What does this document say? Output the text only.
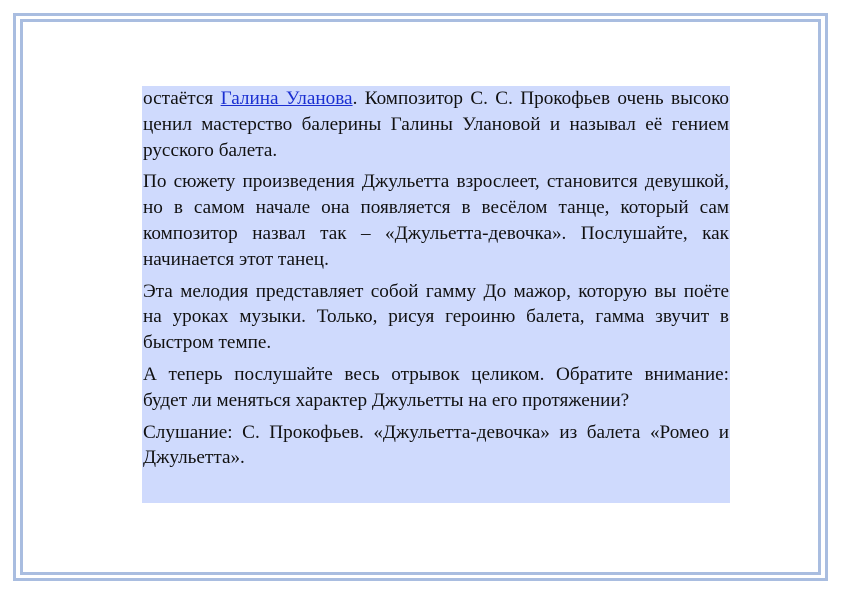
остаётся Галина Уланова. Композитор С. С. Прокофьев очень высоко ценил мастерство балерины Галины Улановой и называл её гением русского балета.

По сюжету произведения Джульетта взрослеет, становится девушкой, но в самом начале она появляется в весёлом танце, который сам композитор назвал так – «Джульетта-девочка». Послушайте, как начинается этот танец.

Эта мелодия представляет собой гамму До мажор, которую вы поёте на уроках музыки. Только, рисуя героиню балета, гамма звучит в быстром темпе.

А теперь послушайте весь отрывок целиком. Обратите внимание: будет ли меняться характер Джульетты на его протяжении?

Слушание: С. Прокофьев. «Джульетта-девочка» из балета «Ромео и Джульетта».
